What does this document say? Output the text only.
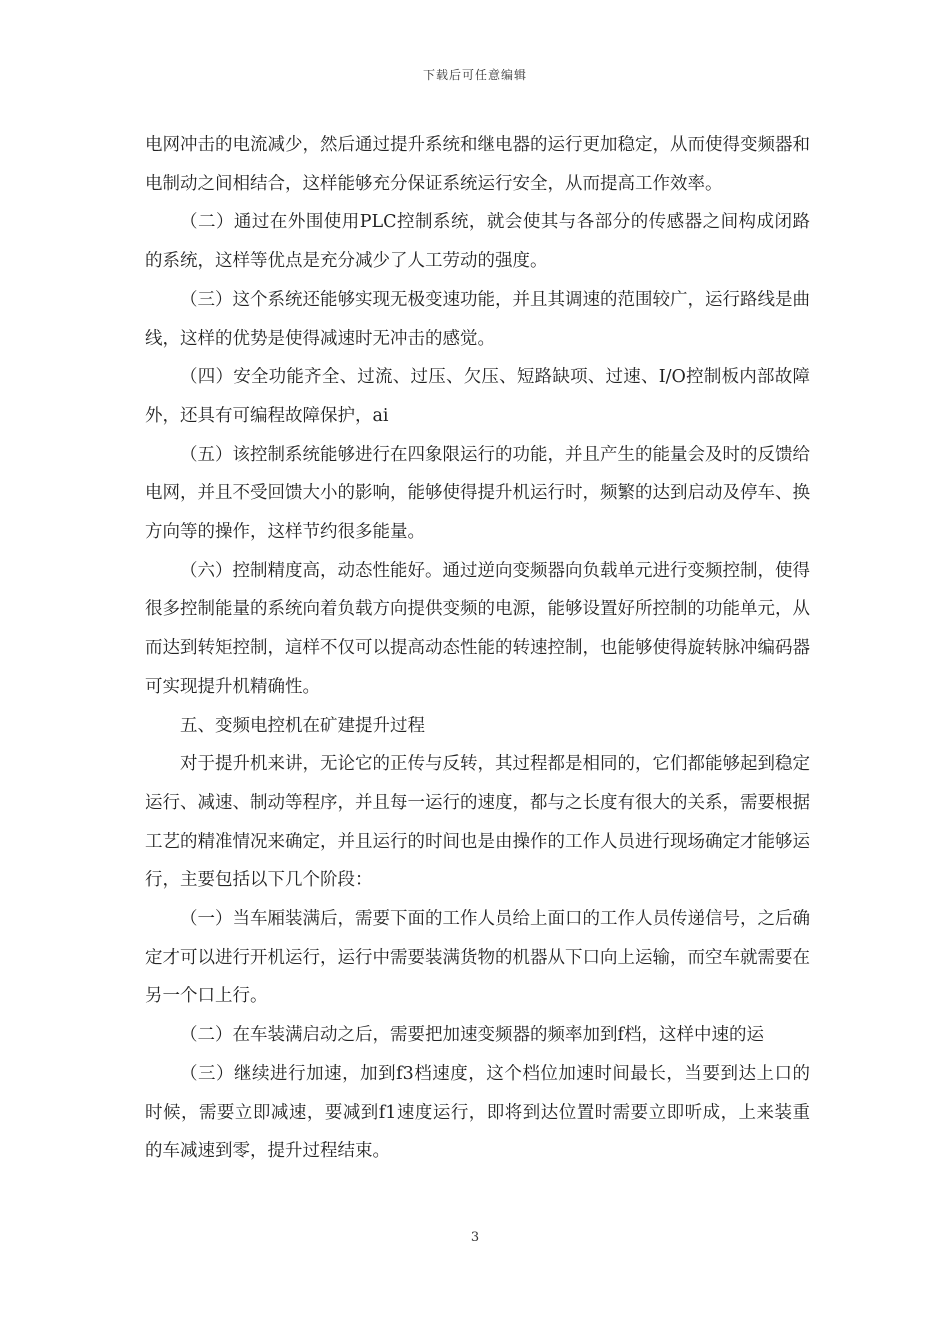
下载后可任意编辑

电网冲击的电流减少，然后通过提升系统和继电器的运行更加稳定，从而使得变频器和电制动之间相结合，这样能够充分保证系统运行安全，从而提高工作效率。

（二）通过在外围使用PLC控制系统，就会使其与各部分的传感器之间构成闭路的系统，这样等优点是充分减少了人工劳动的强度。

（三）这个系统还能够实现无极变速功能，并且其调速的范围较广，运行路线是曲线，这样的优势是使得减速时无冲击的感觉。

（四）安全功能齐全、过流、过压、欠压、短路缺项、过速、I/O控制板内部故障外，还具有可编程故障保护，ai

（五）该控制系统能够进行在四象限运行的功能，并且产生的能量会及时的反馈给电网，并且不受回馈大小的影响，能够使得提升机运行时，频繁的达到启动及停车、换方向等的操作，这样节约很多能量。

（六）控制精度高，动态性能好。通过逆向变频器向负载单元进行变频控制，使得很多控制能量的系统向着负载方向提供变频的电源，能够设置好所控制的功能单元，从而达到转矩控制，這样不仅可以提高动态性能的转速控制，也能够使得旋转脉冲编码器可实现提升机精确性。

五、变频电控机在矿建提升过程

对于提升机来讲，无论它的正传与反转，其过程都是相同的，它们都能够起到稳定运行、减速、制动等程序，并且每一运行的速度，都与之长度有很大的关系，需要根据工艺的精准情况来确定，并且运行的时间也是由操作的工作人员进行现场确定才能够运行，主要包括以下几个阶段：

（一）当车厢装满后，需要下面的工作人员给上面口的工作人员传递信号，之后确定才可以进行开机运行，运行中需要装满货物的机器从下口向上运输，而空车就需要在另一个口上行。

（二）在车装满启动之后，需要把加速变频器的频率加到f档，这样中速的运

（三）继续进行加速，加到f3档速度，这个档位加速时间最长，当要到达上口的时候，需要立即减速，要减到f1速度运行，即将到达位置时需要立即听成，上来装重的车减速到零，提升过程结束。

3
